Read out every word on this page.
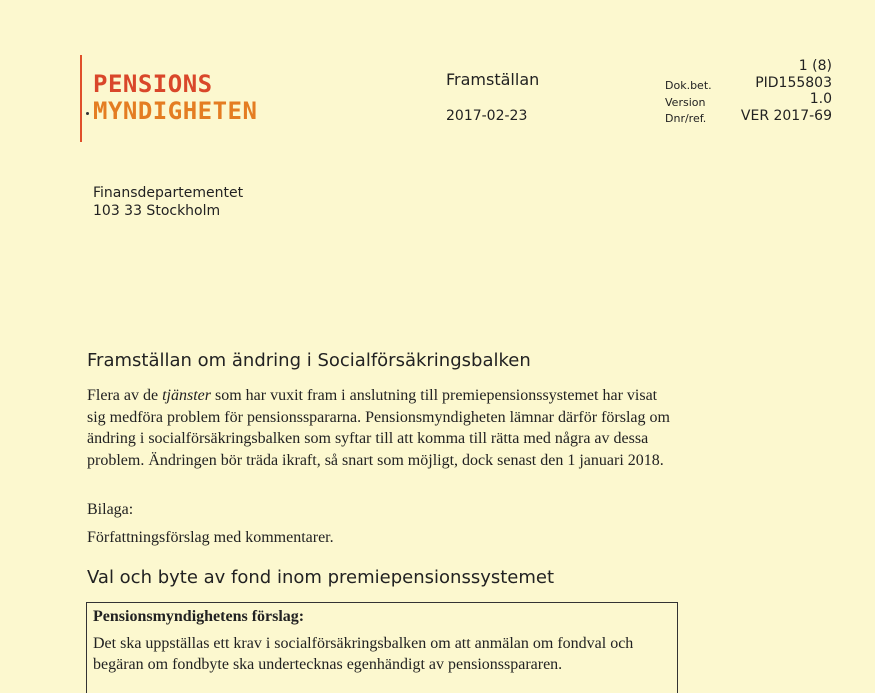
PENSIONS
MYNDIGHETEN
Framställan
2017-02-23
Dok.bet.
Version
Dnr/ref.
1 (8)
PID155803
1.0
VER 2017-69
Finansdepartementet
103 33 Stockholm
Framställan om ändring i Socialförsäkringsbalken
Flera av de tjänster som har vuxit fram i anslutning till premiepensionssystemet har visat sig medföra problem för pensionsspararna. Pensionsmyndigheten lämnar därför förslag om ändring i socialförsäkringsbalken som syftar till att komma till rätta med några av dessa problem. Ändringen bör träda ikraft, så snart som möjligt, dock senast den 1 januari 2018.
Bilaga:
Författningsförslag med kommentarer.
Val och byte av fond inom premiepensionssystemet
Pensionsmyndighetens förslag:
Det ska uppställas ett krav i socialförsäkringsbalken om att anmälan om fondval och begäran om fondbyte ska undertecknas egenhändigt av pensionsspararen.
